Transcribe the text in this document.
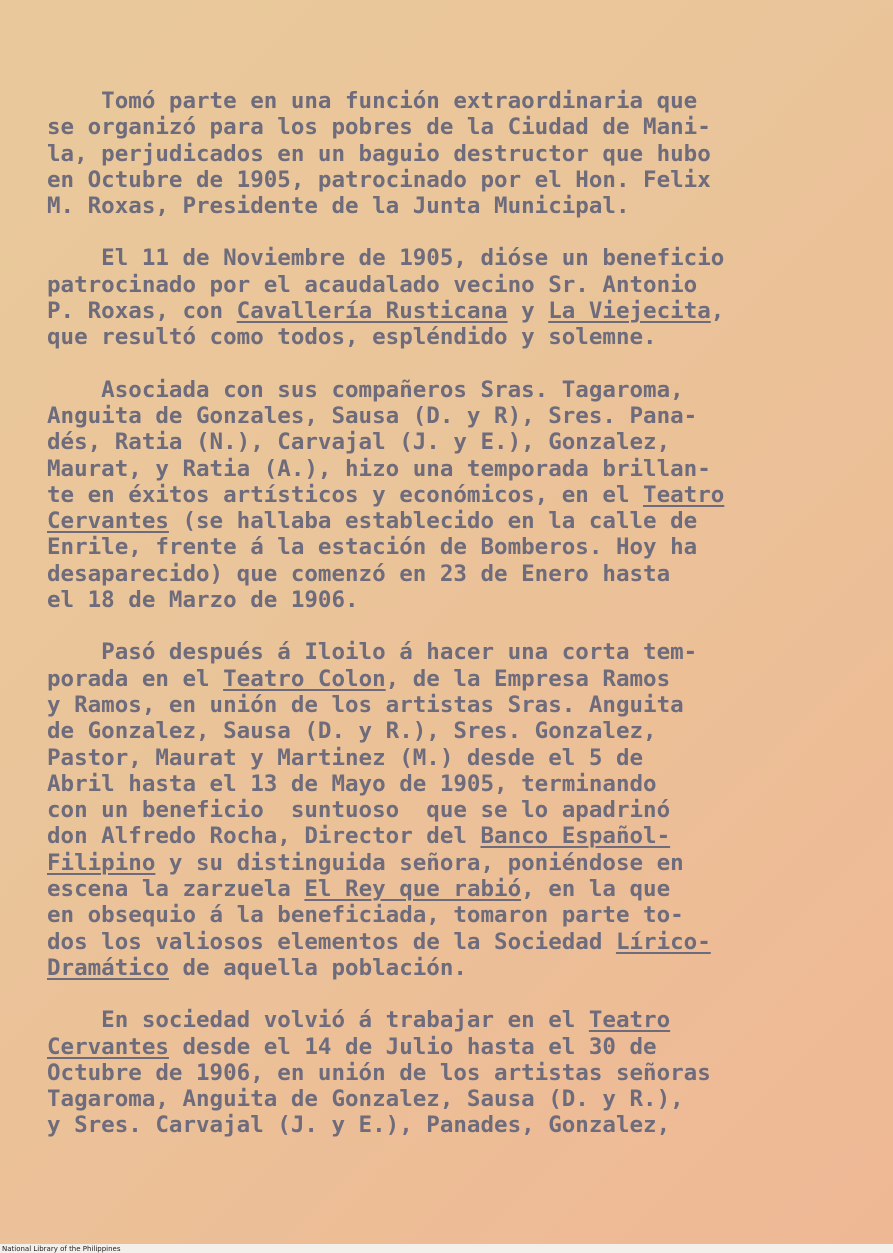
Tomó parte en una función extraordinaria que
se organizó para los pobres de la Ciudad de Mani-
la, perjudicados en un baguio destructor que hubo
en Octubre de 1905, patrocinado por el Hon. Felix
M. Roxas, Presidente de la Junta Municipal.
El 11 de Noviembre de 1905, dióse un beneficio
patrocinado por el acaudalado vecino Sr. Antonio
P. Roxas, con Cavallería Rusticana y La Viejecita,
que resultó como todos, espléndido y solemne.
Asociada con sus compañeros Sras. Tagaroma,
Anguita de Gonzales, Sausa (D. y R), Sres. Pana-
dés, Ratia (N.), Carvajal (J. y E.), Gonzalez,
Maurat, y Ratia (A.), hizo una temporada brillan-
te en éxitos artísticos y económicos, en el Teatro
Cervantes (se hallaba establecido en la calle de
Enrile, frente á la estación de Bomberos. Hoy ha
desaparecido) que comenzó en 23 de Enero hasta
el 18 de Marzo de 1906.
Pasó después á Iloilo á hacer una corta tem-
porada en el Teatro Colon, de la Empresa Ramos
y Ramos, en unión de los artistas Sras. Anguita
de Gonzalez, Sausa (D. y R.), Sres. Gonzalez,
Pastor, Maurat y Martinez (M.) desde el 5 de
Abril hasta el 13 de Mayo de 1905, terminando
con un beneficio  suntuoso  que se lo apadrinó
don Alfredo Rocha, Director del Banco Español-
Filipino y su distinguida señora, poniéndose en
escena la zarzuela El Rey que rabió, en la que
en obsequio á la beneficiada, tomaron parte to-
dos los valiosos elementos de la Sociedad Lírico-
Dramático de aquella población.
En sociedad volvió á trabajar en el Teatro
Cervantes desde el 14 de Julio hasta el 30 de
Octubre de 1906, en unión de los artistas señoras
Tagaroma, Anguita de Gonzalez, Sausa (D. y R.),
y Sres. Carvajal (J. y E.), Panades, Gonzalez,
National Library of the Philippines
